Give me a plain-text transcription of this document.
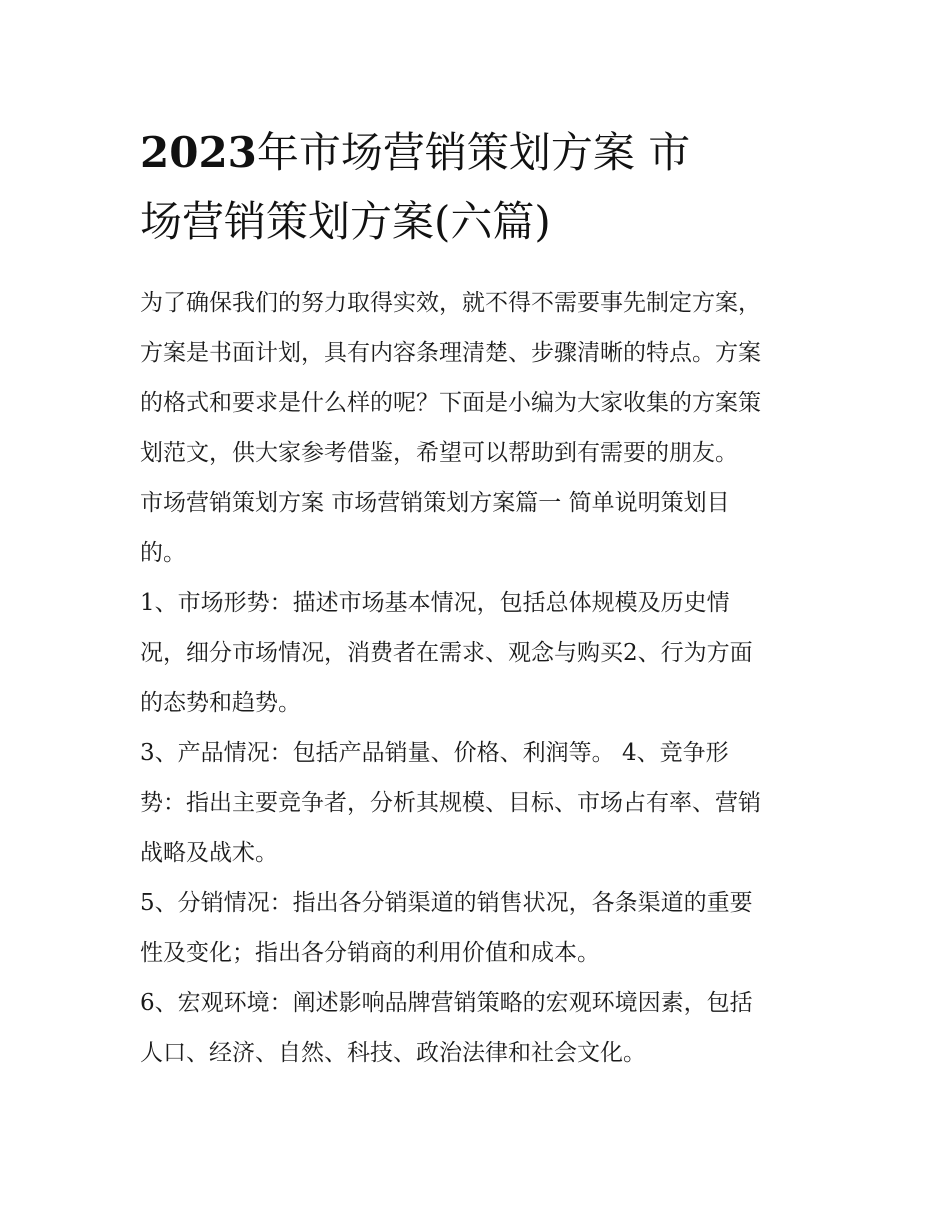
2023年市场营销策划方案 市
场营销策划方案(六篇)

为了确保我们的努力取得实效，就不得不需要事先制定方案，
方案是书面计划，具有内容条理清楚、步骤清晰的特点。方案
的格式和要求是什么样的呢？下面是小编为大家收集的方案策
划范文，供大家参考借鉴，希望可以帮助到有需要的朋友。

市场营销策划方案 市场营销策划方案篇一 简单说明策划目
的。

1、市场形势：描述市场基本情况，包括总体规模及历史情
况，细分市场情况，消费者在需求、观念与购买2、行为方面
的态势和趋势。

3、产品情况：包括产品销量、价格、利润等。 4、竞争形
势：指出主要竞争者，分析其规模、目标、市场占有率、营销
战略及战术。

5、分销情况：指出各分销渠道的销售状况，各条渠道的重要
性及变化；指出各分销商的利用价值和成本。

6、宏观环境：阐述影响品牌营销策略的宏观环境因素，包括
人口、经济、自然、科技、政治法律和社会文化。
